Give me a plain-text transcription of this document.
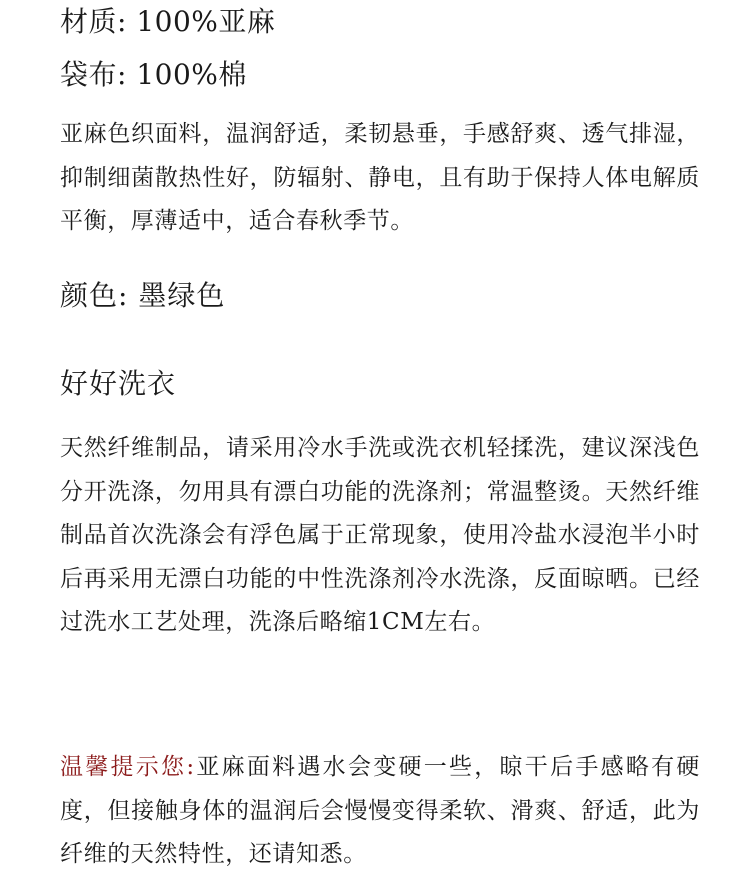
材质: 100%亚麻
袋布: 100%棉
亚麻色织面料，温润舒适，柔韧悬垂，手感舒爽、透气排湿，抑制细菌散热性好，防辐射、静电，且有助于保持人体电解质平衡，厚薄适中，适合春秋季节。
颜色: 墨绿色
好好洗衣
天然纤维制品，请采用冷水手洗或洗衣机轻揉洗，建议深浅色分开洗涤，勿用具有漂白功能的洗涤剂；常温整烫。天然纤维制品首次洗涤会有浮色属于正常现象，使用冷盐水浸泡半小时后再采用无漂白功能的中性洗涤剂冷水洗涤，反面晾晒。已经过洗水工艺处理，洗涤后略缩1CM左右。
温馨提示您:亚麻面料遇水会变硬一些，晾干后手感略有硬度，但接触身体的温润后会慢慢变得柔软、滑爽、舒适，此为纤维的天然特性，还请知悉。
